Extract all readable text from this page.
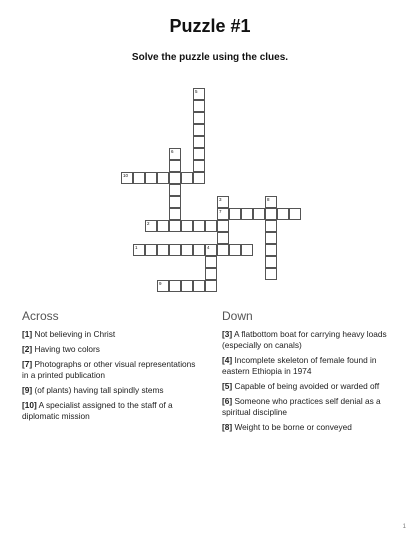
Puzzle #1
Solve the puzzle using the clues.
5
6
10
3
7
8
2
1	4
9
Across	Down
[1] Not believing in Christ
[2] Having two colors
[7] Photographs or other visual representations in a printed publication
[9] (of plants) having tall spindly stems
[10] A specialist assigned to the staff of a diplomatic mission
[3] A flatbottom boat for carrying heavy loads (especially on canals)
[4] Incomplete skeleton of female found in eastern Ethiopia in 1974
[5] Capable of being avoided or warded off
[6] Someone who practices self denial as a spiritual discipline
[8] Weight to be borne or conveyed
1
